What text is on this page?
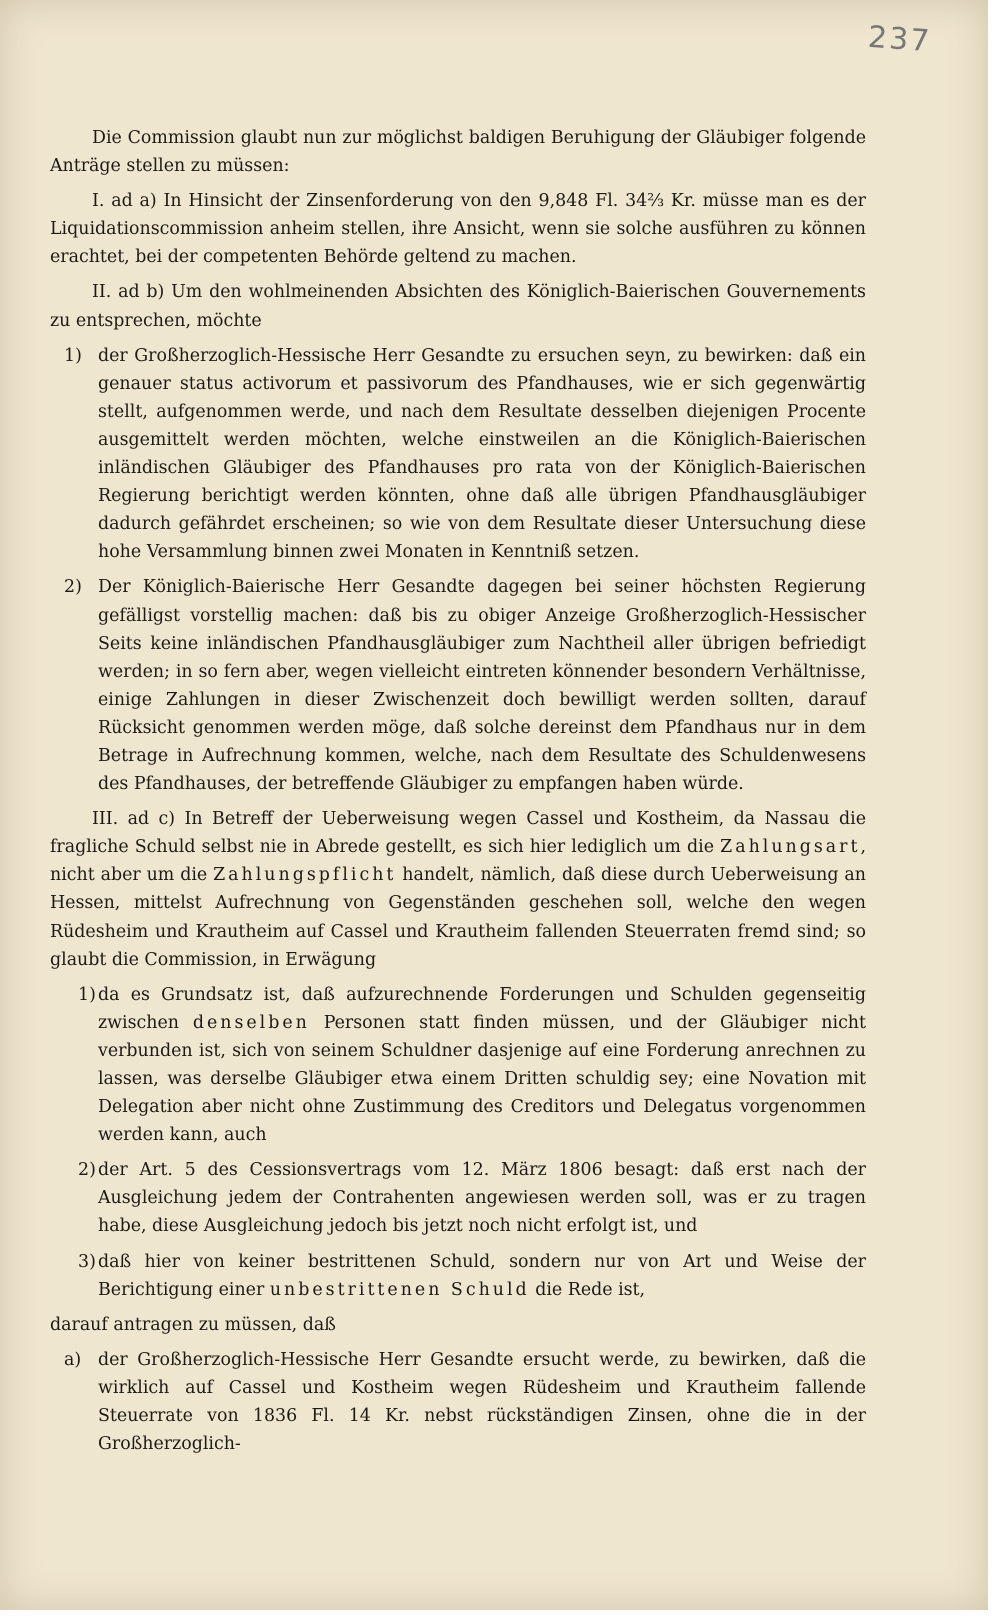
237

Die Commission glaubt nun zur möglichst baldigen Beruhigung der Gläubiger folgende Anträge stellen zu müssen:

I. ad a) In Hinsicht der Zinsenforderung von den 9,848 Fl. 34⅔ Kr. müsse man es der Liquidationscommission anheim stellen, ihre Ansicht, wenn sie solche ausführen zu können erachtet, bei der competenten Behörde geltend zu machen.

II. ad b) Um den wohlmeinenden Absichten des Königlich-Baierischen Gouvernements zu entsprechen, möchte

1) der Großherzoglich-Hessische Herr Gesandte zu ersuchen seyn, zu bewirken: daß ein genauer status activorum et passivorum des Pfandhauses, wie er sich gegenwärtig stellt, aufgenommen werde, und nach dem Resultate desselben diejenigen Procente ausgemittelt werden möchten, welche einstweilen an die Königlich-Baierischen inländischen Gläubiger des Pfandhauses pro rata von der Königlich-Baierischen Regierung berichtigt werden könnten, ohne daß alle übrigen Pfandhausgläubiger dadurch gefährdet erscheinen; so wie von dem Resultate dieser Untersuchung diese hohe Versammlung binnen zwei Monaten in Kenntniß setzen.
2) Der Königlich-Baierische Herr Gesandte dagegen bei seiner höchsten Regierung gefälligst vorstellig machen: daß bis zu obiger Anzeige Großherzoglich-Hessischer Seits keine inländischen Pfandhausgläubiger zum Nachtheil aller übrigen befriedigt werden; in so fern aber, wegen vielleicht eintreten könnender besondern Verhältnisse, einige Zahlungen in dieser Zwischenzeit doch bewilligt werden sollten, darauf Rücksicht genommen werden möge, daß solche dereinst dem Pfandhaus nur in dem Betrage in Aufrechnung kommen, welche, nach dem Resultate des Schuldenwesens des Pfandhauses, der betreffende Gläubiger zu empfangen haben würde.

III. ad c) In Betreff der Ueberweisung wegen Cassel und Kostheim, da Nassau die fragliche Schuld selbst nie in Abrede gestellt, es sich hier lediglich um die Zahlungsart, nicht aber um die Zahlungspflicht handelt, nämlich, daß diese durch Ueberweisung an Hessen, mittelst Aufrechnung von Gegenständen geschehen soll, welche den wegen Rüdesheim und Krautheim auf Cassel und Krautheim fallenden Steuerraten fremd sind; so glaubt die Commission, in Erwägung

1) da es Grundsatz ist, daß aufzurechnende Forderungen und Schulden gegenseitig zwischen denselben Personen statt finden müssen, und der Gläubiger nicht verbunden ist, sich von seinem Schuldner dasjenige auf eine Forderung anrechnen zu lassen, was derselbe Gläubiger etwa einem Dritten schuldig sey; eine Novation mit Delegation aber nicht ohne Zustimmung des Creditors und Delegatus vorgenommen werden kann, auch
2) der Art. 5 des Cessionsvertrags vom 12. März 1806 besagt: daß erst nach der Ausgleichung jedem der Contrahenten angewiesen werden soll, was er zu tragen habe, diese Ausgleichung jedoch bis jetzt noch nicht erfolgt ist, und
3) daß hier von keiner bestrittenen Schuld, sondern nur von Art und Weise der Berichtigung einer unbestrittenen Schuld die Rede ist,

darauf antragen zu müssen, daß

a) der Großherzoglich-Hessische Herr Gesandte ersucht werde, zu bewirken, daß die wirklich auf Cassel und Kostheim wegen Rüdesheim und Krautheim fallende Steuerrate von 1836 Fl. 14 Kr. nebst rückständigen Zinsen, ohne die in der Großherzoglich-
